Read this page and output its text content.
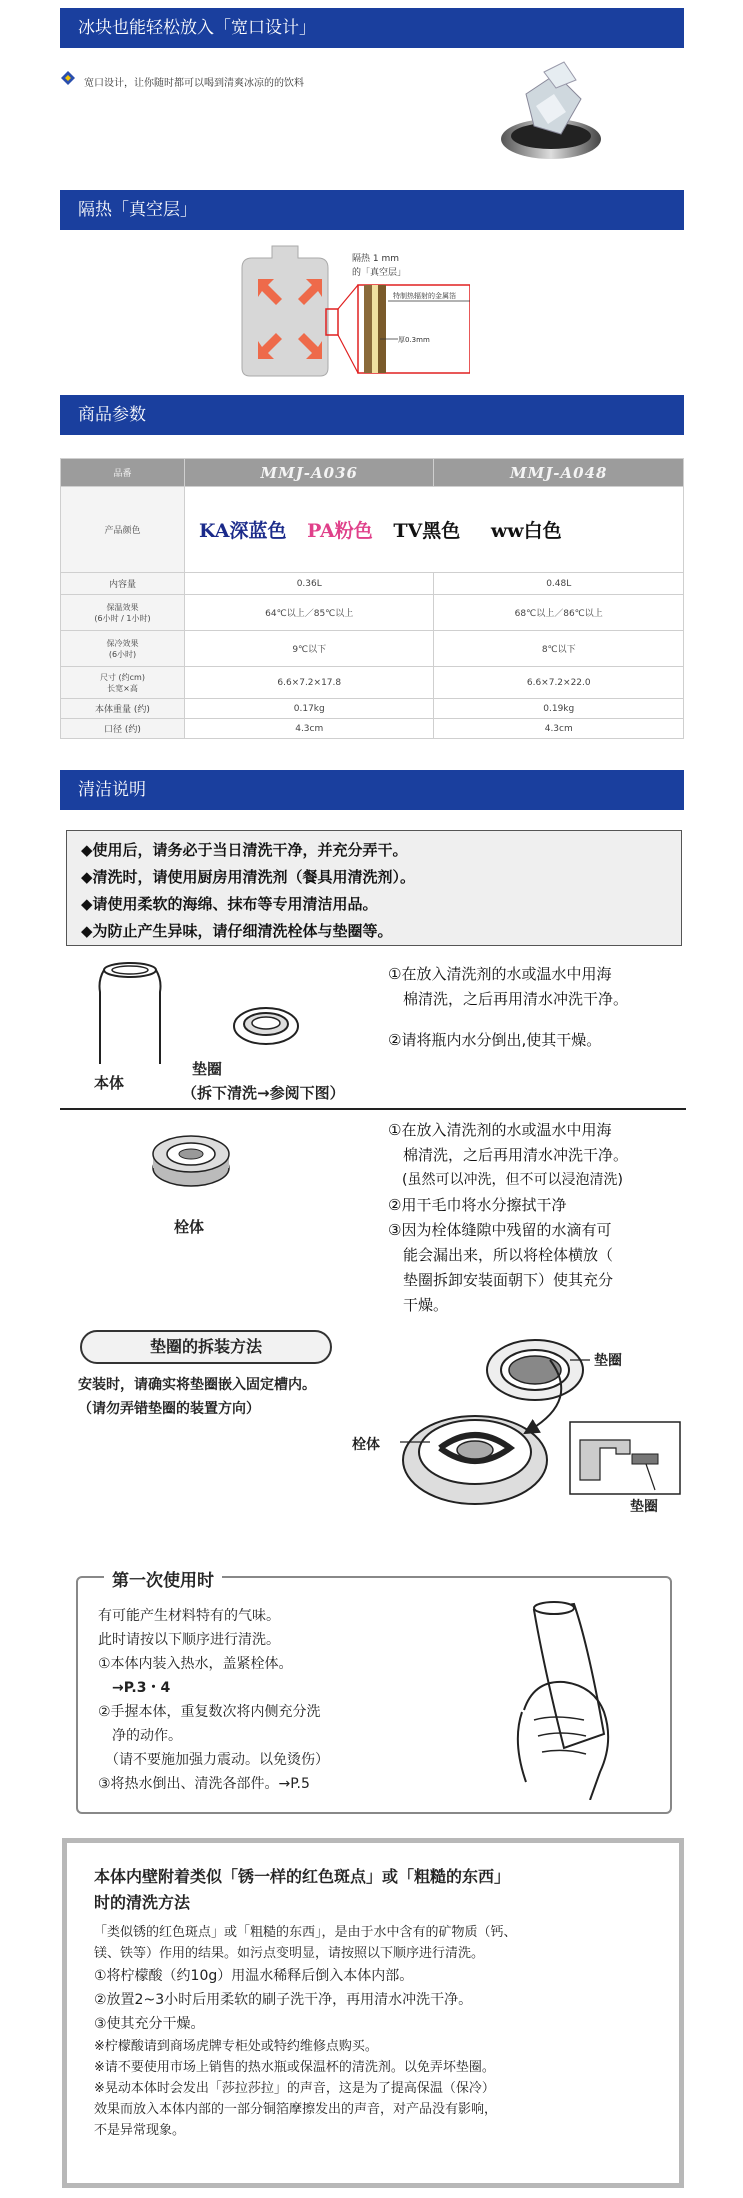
冰块也能轻松放入「宽口设计」
宽口设计，让你随时都可以喝到清爽冰凉的的饮料
隔热「真空层」
隔热 1 mm
的「真空层」
特制热辐射的金属箔
厚0.3mm
商品参数
品番	MMJ-A036	MMJ-A048
产品颜色	KA深蓝色 PA粉色 TV黑色 ww白色	
内容量	0.36L	0.48L
保温效果
(6小时 / 1小时)	64℃以上／85℃以上	68℃以上／86℃以上
保冷效果
(6小时)	9℃以下	8℃以下
尺寸 (约cm)
长宽×高	6.6×7.2×17.8	6.6×7.2×22.0
本体重量 (约)	0.17kg	0.19kg
口径 (约)	4.3cm	4.3cm
清洁说明
◆使用后，请务必于当日清洗干净，并充分弄干。
◆清洗时，请使用厨房用清洗剂（餐具用清洗剂）。
◆请使用柔软的海绵、抹布等专用清洁用品。
◆为防止产生异味，请仔细清洗栓体与垫圈等。
本体
垫圈
（拆下清洗→参阅下图）
①在放入清洗剂的水或温水中用海
　棉清洗，之后再用清水冲洗干净。
②请将瓶内水分倒出,使其干燥。
栓体
①在放入清洗剂的水或温水中用海
　棉清洗，之后再用清水冲洗干净。
　(虽然可以冲洗，但不可以浸泡清洗)
②用干毛巾将水分擦拭干净
③因为栓体缝隙中残留的水滴有可
　能会漏出来，所以将栓体横放（
　垫圈拆卸安装面朝下）使其充分
　干燥。
垫圈的拆装方法
安装时，请确实将垫圈嵌入固定槽内。
（请勿弄错垫圈的装置方向）
垫圈
栓体
垫圈
第一次使用时
有可能产生材料特有的气味。
此时请按以下顺序进行清洗。
①本体内装入热水，盖紧栓体。
　→P.3・4
②手握本体，重复数次将内侧充分洗
　净的动作。
　（请不要施加强力震动。以免烫伤）
③将热水倒出、清洗各部件。→P.5
本体内壁附着类似「锈一样的红色斑点」或「粗糙的东西」
时的清洗方法
「类似锈的红色斑点」或「粗糙的东西」，是由于水中含有的矿物质（钙、
镁、铁等）作用的结果。如污点变明显，请按照以下顺序进行清洗。
①将柠檬酸（约10g）用温水稀释后倒入本体内部。
②放置2~3小时后用柔软的刷子洗干净，再用清水冲洗干净。
③使其充分干燥。
※柠檬酸请到商场虎牌专柜处或特约维修点购买。
※请不要使用市场上销售的热水瓶或保温杯的清洗剂。以免弄坏垫圈。
※晃动本体时会发出「莎拉莎拉」的声音，这是为了提高保温（保冷）
效果而放入本体内部的一部分铜箔摩擦发出的声音，对产品没有影响，
不是异常现象。
